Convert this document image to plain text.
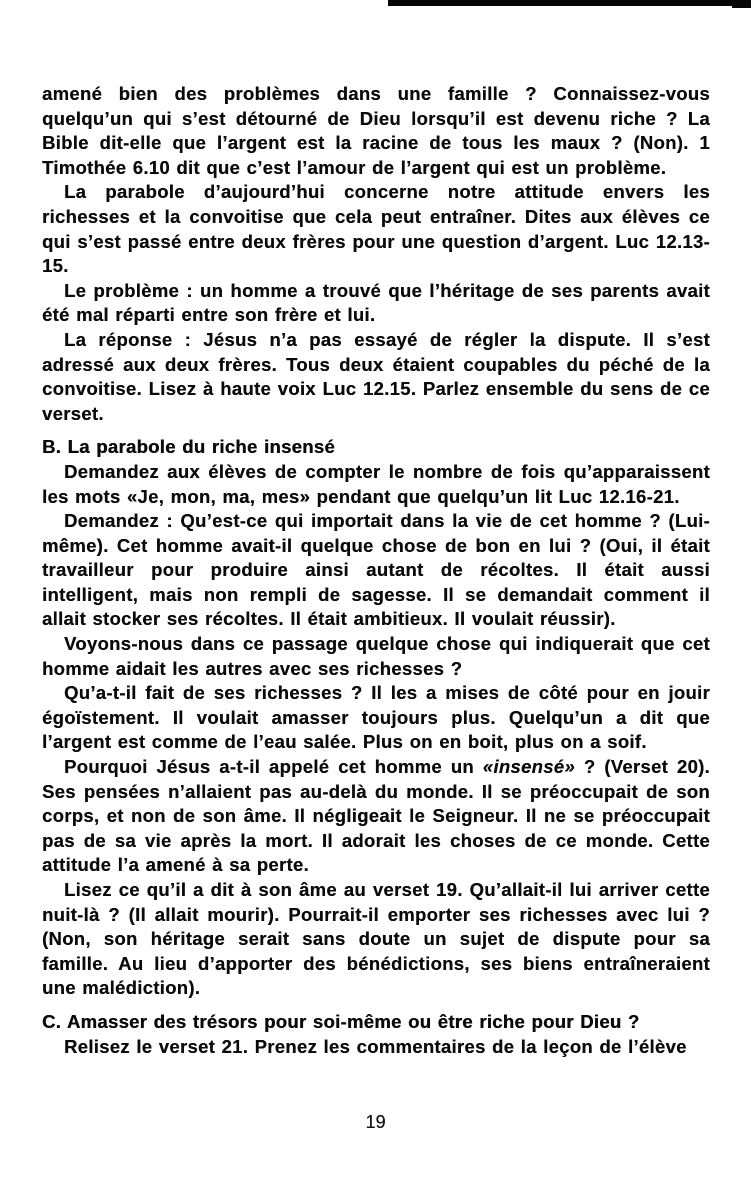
amené bien des problèmes dans une famille ? Connaissez-vous quelqu’un qui s’est détourné de Dieu lorsqu’il est devenu riche ? La Bible dit-elle que l’argent est la racine de tous les maux ? (Non). 1 Timothée 6.10 dit que c’est l’amour de l’argent qui est un problème.

La parabole d’aujourd’hui concerne notre attitude envers les richesses et la convoitise que cela peut entraîner. Dites aux élèves ce qui s’est passé entre deux frères pour une question d’argent. Luc 12.13-15.

Le problème : un homme a trouvé que l’héritage de ses parents avait été mal réparti entre son frère et lui.

La réponse : Jésus n’a pas essayé de régler la dispute. Il s’est adressé aux deux frères. Tous deux étaient coupables du péché de la convoitise. Lisez à haute voix Luc 12.15. Parlez ensemble du sens de ce verset.

B. La parabole du riche insensé

Demandez aux élèves de compter le nombre de fois qu’apparaissent les mots «Je, mon, ma, mes» pendant que quelqu’un lit Luc 12.16-21.

Demandez : Qu’est-ce qui importait dans la vie de cet homme ? (Lui-même). Cet homme avait-il quelque chose de bon en lui ? (Oui, il était travailleur pour produire ainsi autant de récoltes. Il était aussi intelligent, mais non rempli de sagesse. Il se demandait comment il allait stocker ses récoltes. Il était ambitieux. Il voulait réussir).

Voyons-nous dans ce passage quelque chose qui indiquerait que cet homme aidait les autres avec ses richesses ?

Qu’a-t-il fait de ses richesses ? Il les a mises de côté pour en jouir égoïstement. Il voulait amasser toujours plus. Quelqu’un a dit que l’argent est comme de l’eau salée. Plus on en boit, plus on a soif.

Pourquoi Jésus a-t-il appelé cet homme un «insensé» ? (Verset 20). Ses pensées n’allaient pas au-delà du monde. Il se préoccupait de son corps, et non de son âme. Il négligeait le Seigneur. Il ne se préoccupait pas de sa vie après la mort. Il adorait les choses de ce monde. Cette attitude l’a amené à sa perte.

Lisez ce qu’il a dit à son âme au verset 19. Qu’allait-il lui arriver cette nuit-là ? (Il allait mourir). Pourrait-il emporter ses richesses avec lui ? (Non, son héritage serait sans doute un sujet de dispute pour sa famille. Au lieu d’apporter des bénédictions, ses biens entraîneraient une malédiction).

C. Amasser des trésors pour soi-même ou être riche pour Dieu ?

Relisez le verset 21. Prenez les commentaires de la leçon de l’élève

19
